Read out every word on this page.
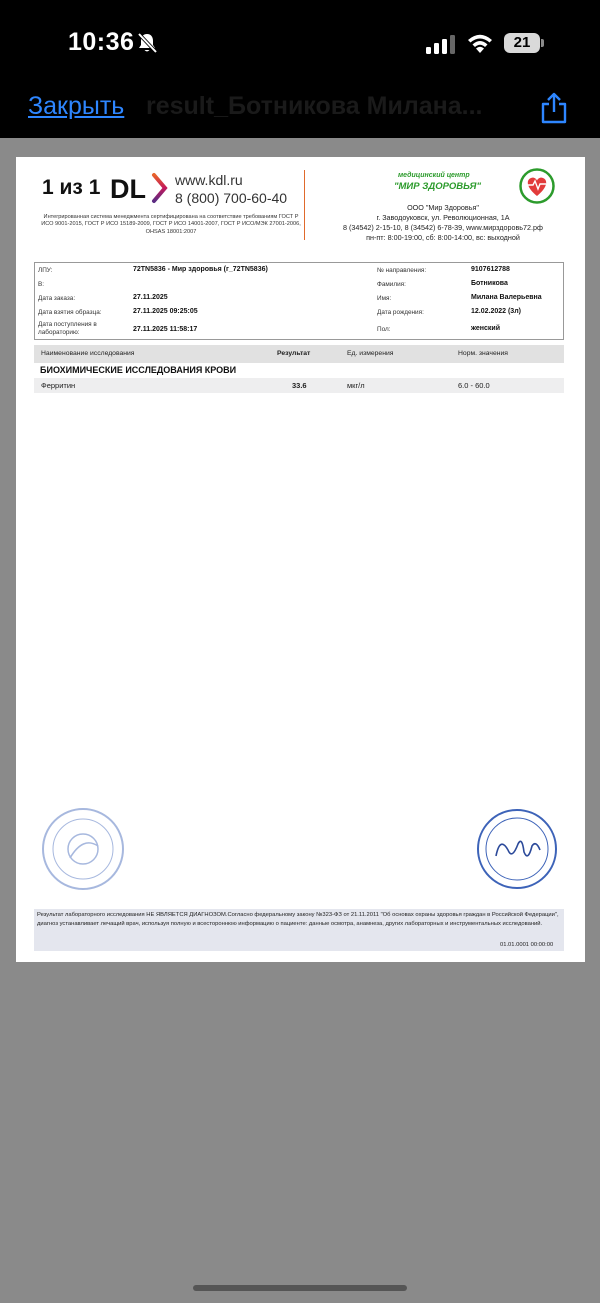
10:36	21
Закрыть result_Ботникова Милана...
1 из 1 DL www.kdl.ru
8 (800) 700-60-40
Интегрированная система менеджмента сертифицирована на соответствие требованиям ГОСТ Р ИСО 9001-2015, ГОСТ Р ИСО 15189-2009, ГОСТ Р ИСО 14001-2007, ГОСТ Р ИСО/МЭК 27001-2006, OHSAS 18001:2007
медицинский центр
"МИР ЗДОРОВЬЯ"
ООО "Мир Здоровья"
г. Заводоуковск, ул. Революционная, 1А
8 (34542) 2-15-10, 8 (34542) 6-78-39, www.мирздоровь72.рф
пн-пт: 8:00-19:00, сб: 8:00-14:00, вс: выходной
ЛПУ:	72TN5836 - Мир здоровья (г_72TN5836)
В:
Дата заказа:	27.11.2025
Дата взятия образца:	27.11.2025 09:25:05
Дата поступления в лабораторию:	27.11.2025 11:58:17
№ направления:	9107612788
Фамилия:	Ботникова
Имя:	Милана Валерьевна
Дата рождения:	12.02.2022 (3л)
Пол:	женский
Наименование исследования	Результат	Ед. измерения	Норм. значения
БИОХИМИЧЕСКИЕ ИССЛЕДОВАНИЯ КРОВИ
Ферритин	33.6	мкг/л	6.0 - 60.0
Результат лабораторного исследования НЕ ЯВЛЯЕТСЯ ДИАГНОЗОМ.Согласно федеральному закону №323-ФЗ от 21.11.2011 "Об основах охраны здоровья граждан в Российской Федерации", диагноз устанавливает лечащий врач, используя полную и всестороннюю информацию о пациенте: данные осмотра, анамнеза, других лабораторных и инструментальных исследований.
01.01.0001 00:00:00
